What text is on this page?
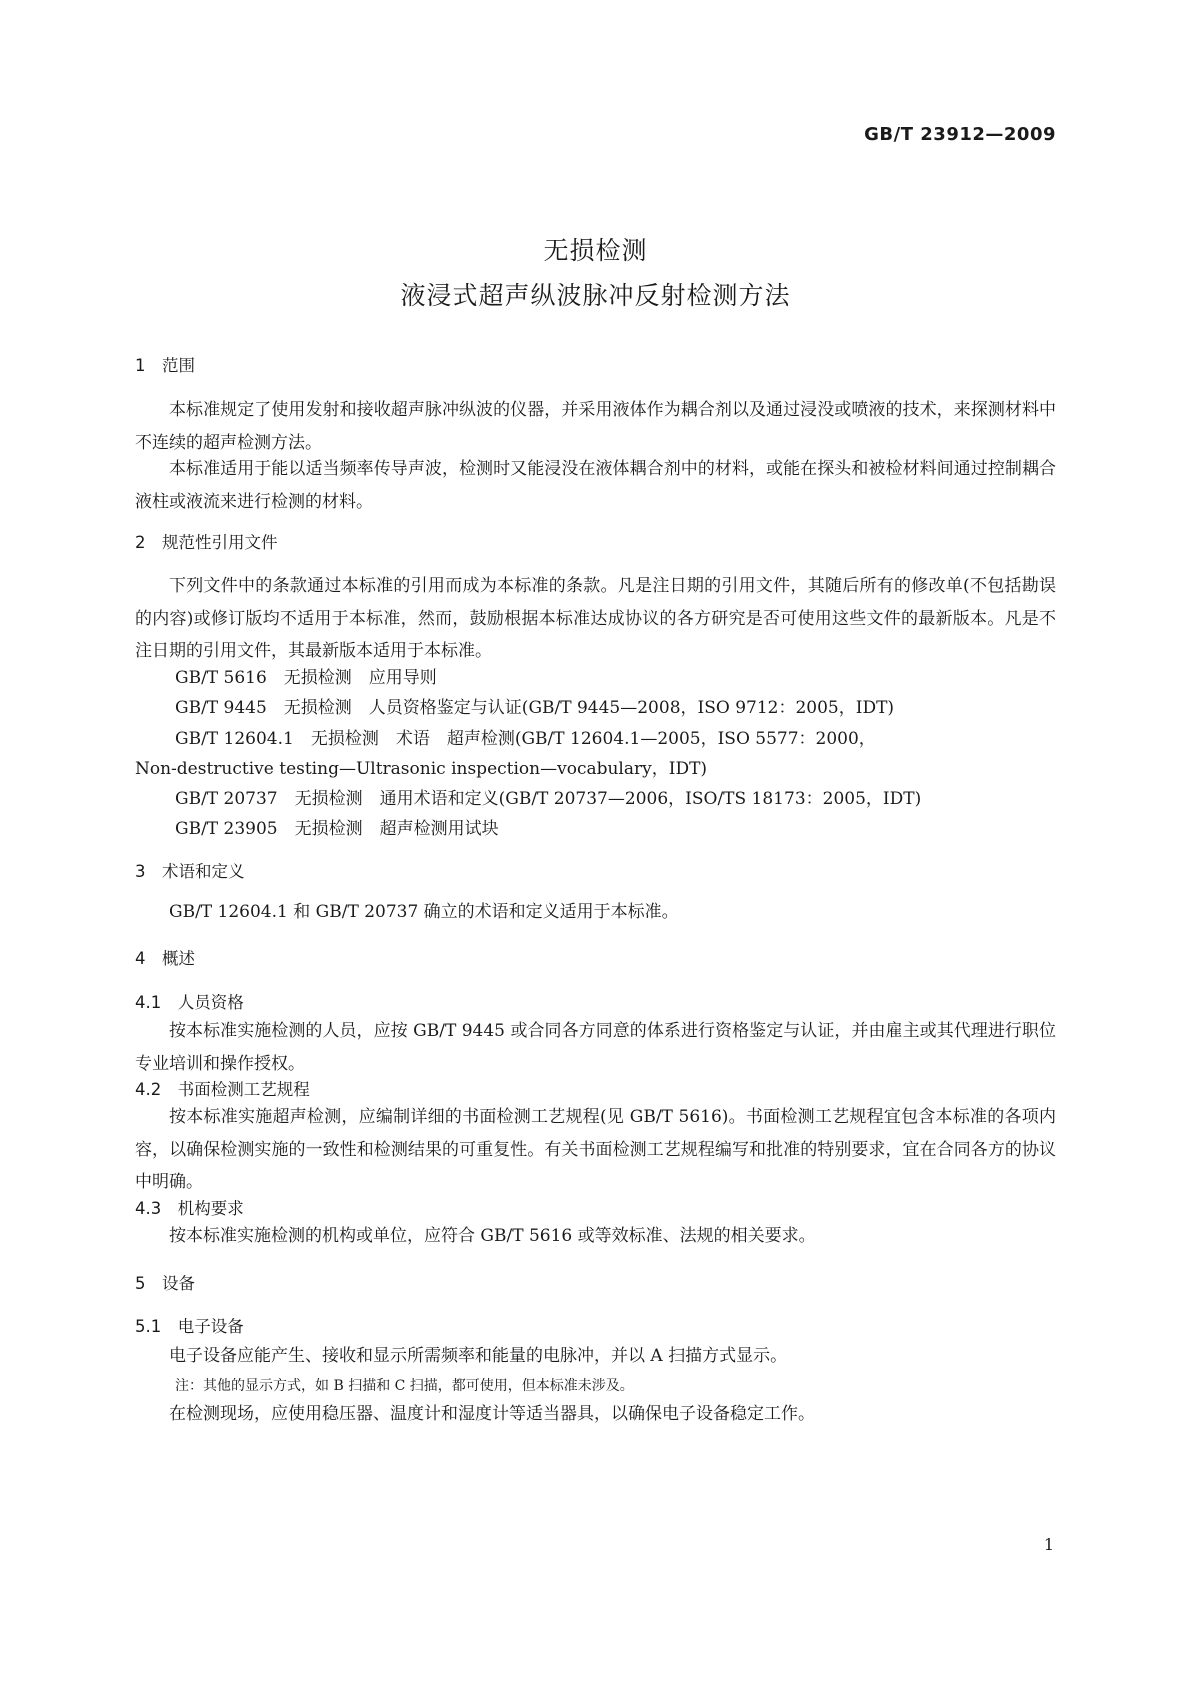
GB/T 23912—2009
无损检测
液浸式超声纵波脉冲反射检测方法
1　范围

本标准规定了使用发射和接收超声脉冲纵波的仪器，并采用液体作为耦合剂以及通过浸没或喷液的技术，来探测材料中不连续的超声检测方法。

本标准适用于能以适当频率传导声波，检测时又能浸没在液体耦合剂中的材料，或能在探头和被检材料间通过控制耦合液柱或液流来进行检测的材料。

2　规范性引用文件

下列文件中的条款通过本标准的引用而成为本标准的条款。凡是注日期的引用文件，其随后所有的修改单(不包括勘误的内容)或修订版均不适用于本标准，然而，鼓励根据本标准达成协议的各方研究是否可使用这些文件的最新版本。凡是不注日期的引用文件，其最新版本适用于本标准。

GB/T 5616　无损检测　应用导则
GB/T 9445　无损检测　人员资格鉴定与认证(GB/T 9445—2008，ISO 9712：2005，IDT)
GB/T 12604.1　无损检测　术语　超声检测(GB/T 12604.1—2005，ISO 5577：2000，
Non-destructive testing—Ultrasonic inspection—vocabulary，IDT)
GB/T 20737　无损检测　通用术语和定义(GB/T 20737—2006，ISO/TS 18173：2005，IDT)
GB/T 23905　无损检测　超声检测用试块
3　术语和定义

GB/T 12604.1 和 GB/T 20737 确立的术语和定义适用于本标准。

4　概述
4.1　人员资格

按本标准实施检测的人员，应按 GB/T 9445 或合同各方同意的体系进行资格鉴定与认证，并由雇主或其代理进行职位专业培训和操作授权。

4.2　书面检测工艺规程

按本标准实施超声检测，应编制详细的书面检测工艺规程(见 GB/T 5616)。书面检测工艺规程宜包含本标准的各项内容，以确保检测实施的一致性和检测结果的可重复性。有关书面检测工艺规程编写和批准的特别要求，宜在合同各方的协议中明确。

4.3　机构要求

按本标准实施检测的机构或单位，应符合 GB/T 5616 或等效标准、法规的相关要求。

5　设备
5.1　电子设备

电子设备应能产生、接收和显示所需频率和能量的电脉冲，并以 A 扫描方式显示。

注：其他的显示方式，如 B 扫描和 C 扫描，都可使用，但本标准未涉及。

在检测现场，应使用稳压器、温度计和湿度计等适当器具，以确保电子设备稳定工作。

1
